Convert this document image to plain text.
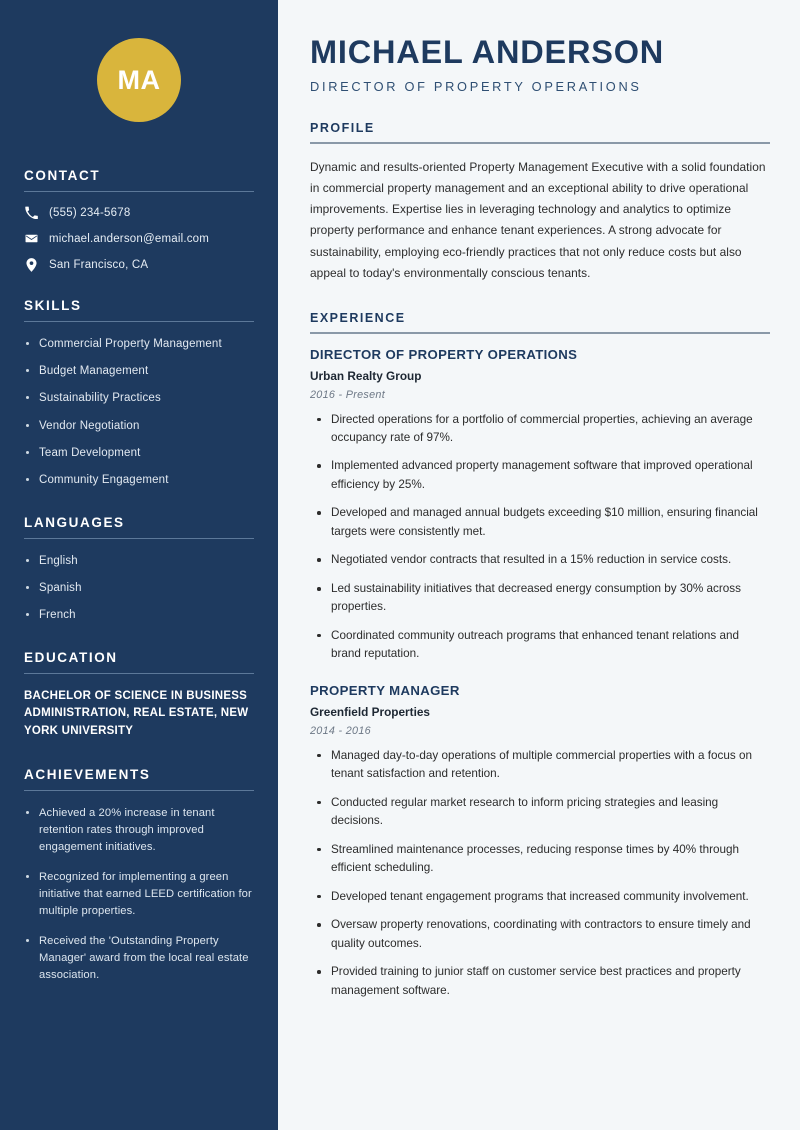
MA
CONTACT
(555) 234-5678
michael.anderson@email.com
San Francisco, CA
SKILLS
Commercial Property Management
Budget Management
Sustainability Practices
Vendor Negotiation
Team Development
Community Engagement
LANGUAGES
English
Spanish
French
EDUCATION
BACHELOR OF SCIENCE IN BUSINESS ADMINISTRATION, REAL ESTATE, NEW YORK UNIVERSITY
ACHIEVEMENTS
Achieved a 20% increase in tenant retention rates through improved engagement initiatives.
Recognized for implementing a green initiative that earned LEED certification for multiple properties.
Received the 'Outstanding Property Manager' award from the local real estate association.
MICHAEL ANDERSON
DIRECTOR OF PROPERTY OPERATIONS
PROFILE

Dynamic and results-oriented Property Management Executive with a solid foundation in commercial property management and an exceptional ability to drive operational improvements. Expertise lies in leveraging technology and analytics to optimize property performance and enhance tenant experiences. A strong advocate for sustainability, employing eco-friendly practices that not only reduce costs but also appeal to today's environmentally conscious tenants.

EXPERIENCE
DIRECTOR OF PROPERTY OPERATIONS
Urban Realty Group
2016 - Present
Directed operations for a portfolio of commercial properties, achieving an average occupancy rate of 97%.
Implemented advanced property management software that improved operational efficiency by 25%.
Developed and managed annual budgets exceeding $10 million, ensuring financial targets were consistently met.
Negotiated vendor contracts that resulted in a 15% reduction in service costs.
Led sustainability initiatives that decreased energy consumption by 30% across properties.
Coordinated community outreach programs that enhanced tenant relations and brand reputation.
PROPERTY MANAGER
Greenfield Properties
2014 - 2016
Managed day-to-day operations of multiple commercial properties with a focus on tenant satisfaction and retention.
Conducted regular market research to inform pricing strategies and leasing decisions.
Streamlined maintenance processes, reducing response times by 40% through efficient scheduling.
Developed tenant engagement programs that increased community involvement.
Oversaw property renovations, coordinating with contractors to ensure timely and quality outcomes.
Provided training to junior staff on customer service best practices and property management software.
